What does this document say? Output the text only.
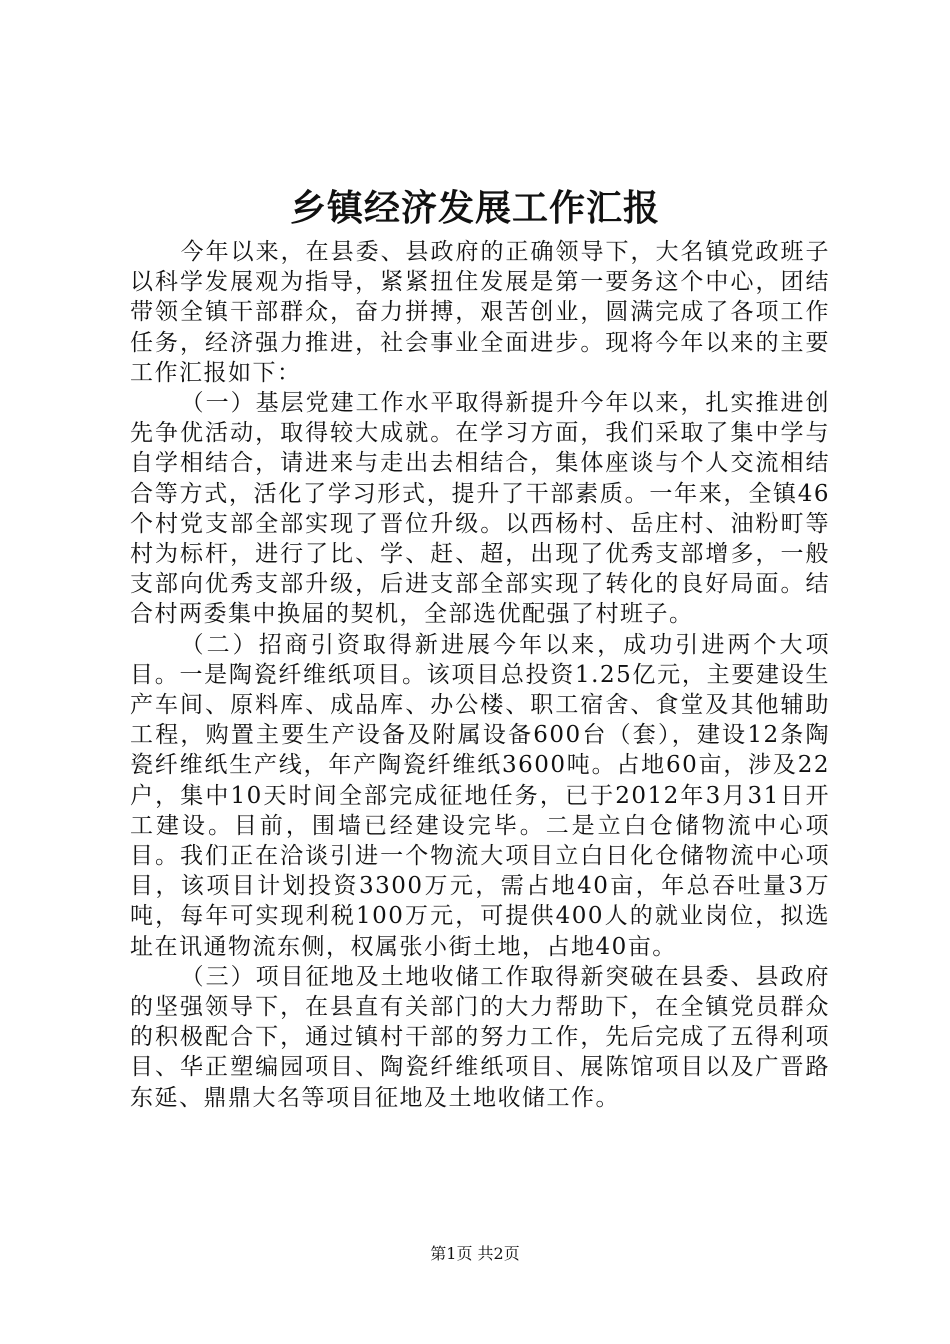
乡镇经济发展工作汇报

今年以来，在县委、县政府的正确领导下，大名镇党政班子以科学发展观为指导，紧紧扭住发展是第一要务这个中心，团结带领全镇干部群众，奋力拼搏，艰苦创业，圆满完成了各项工作任务，经济强力推进，社会事业全面进步。现将今年以来的主要工作汇报如下：

（一）基层党建工作水平取得新提升今年以来，扎实推进创先争优活动，取得较大成就。在学习方面，我们采取了集中学与自学相结合，请进来与走出去相结合，集体座谈与个人交流相结合等方式，活化了学习形式，提升了干部素质。一年来，全镇46个村党支部全部实现了晋位升级。以西杨村、岳庄村、油粉町等村为标杆，进行了比、学、赶、超，出现了优秀支部增多，一般支部向优秀支部升级，后进支部全部实现了转化的良好局面。结合村两委集中换届的契机，全部选优配强了村班子。

（二）招商引资取得新进展今年以来，成功引进两个大项目。一是陶瓷纤维纸项目。该项目总投资1.25亿元，主要建设生产车间、原料库、成品库、办公楼、职工宿舍、食堂及其他辅助工程，购置主要生产设备及附属设备600台（套），建设12条陶瓷纤维纸生产线，年产陶瓷纤维纸3600吨。占地60亩，涉及22户，集中10天时间全部完成征地任务，已于2012年3月31日开工建设。目前，围墙已经建设完毕。二是立白仓储物流中心项目。我们正在洽谈引进一个物流大项目立白日化仓储物流中心项目，该项目计划投资3300万元，需占地40亩，年总吞吐量3万吨，每年可实现利税100万元，可提供400人的就业岗位，拟选址在讯通物流东侧，权属张小街土地，占地40亩。

（三）项目征地及土地收储工作取得新突破在县委、县政府的坚强领导下，在县直有关部门的大力帮助下，在全镇党员群众的积极配合下，通过镇村干部的努力工作，先后完成了五得利项目、华正塑编园项目、陶瓷纤维纸项目、展陈馆项目以及广晋路东延、鼎鼎大名等项目征地及土地收储工作。

第1页 共2页
